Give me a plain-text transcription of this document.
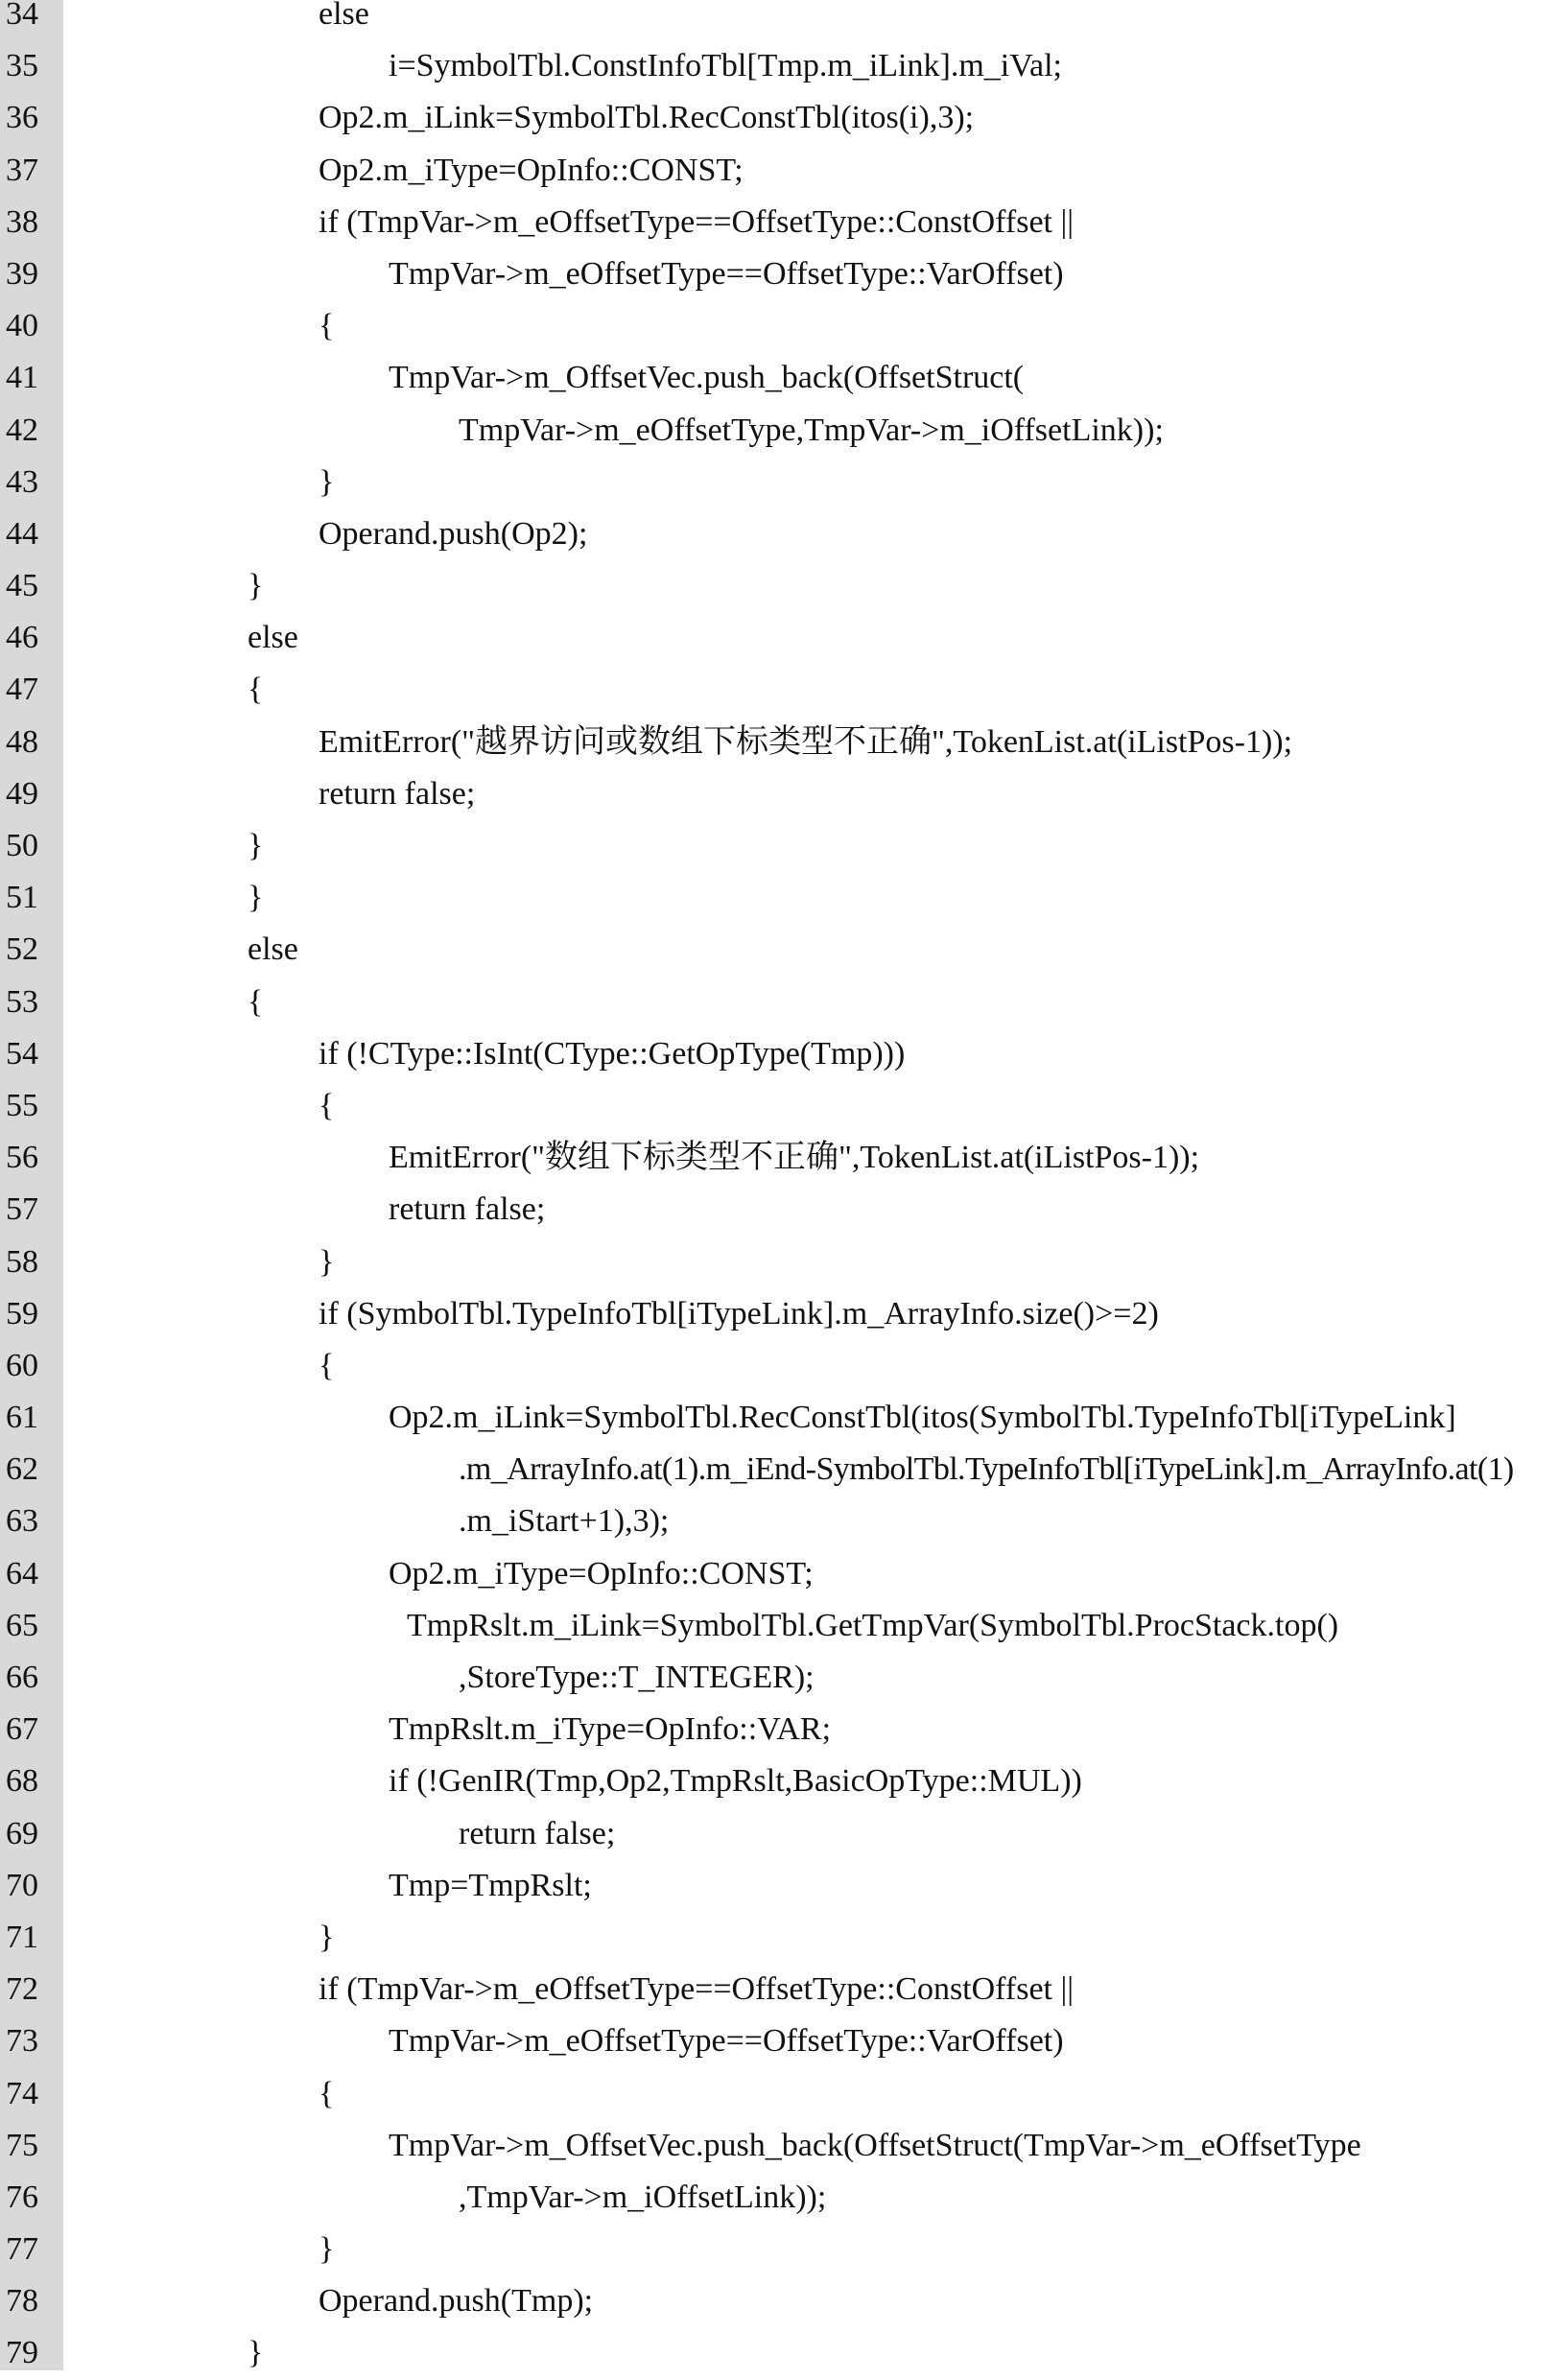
34	else
35	i=SymbolTbl.ConstInfoTbl[Tmp.m_iLink].m_iVal;
36	Op2.m_iLink=SymbolTbl.RecConstTbl(itos(i),3);
37	Op2.m_iType=OpInfo::CONST;
38	if (TmpVar->m_eOffsetType==OffsetType::ConstOffset ||
39	TmpVar->m_eOffsetType==OffsetType::VarOffset)
40	{
41	TmpVar->m_OffsetVec.push_back(OffsetStruct(
42	TmpVar->m_eOffsetType,TmpVar->m_iOffsetLink));
43	}
44	Operand.push(Op2);
45	}
46	else
47	{
48	EmitError("越界访问或数组下标类型不正确",TokenList.at(iListPos-1));
49	return false;
50	}
51	}
52	else
53	{
54	if (!CType::IsInt(CType::GetOpType(Tmp)))
55	{
56	EmitError("数组下标类型不正确",TokenList.at(iListPos-1));
57	return false;
58	}
59	if (SymbolTbl.TypeInfoTbl[iTypeLink].m_ArrayInfo.size()>=2)
60	{
61	Op2.m_iLink=SymbolTbl.RecConstTbl(itos(SymbolTbl.TypeInfoTbl[iTypeLink]
62	.m_ArrayInfo.at(1).m_iEnd-SymbolTbl.TypeInfoTbl[iTypeLink].m_ArrayInfo.at(1)
63	.m_iStart+1),3);
64	Op2.m_iType=OpInfo::CONST;
65	TmpRslt.m_iLink=SymbolTbl.GetTmpVar(SymbolTbl.ProcStack.top()
66	,StoreType::T_INTEGER);
67	TmpRslt.m_iType=OpInfo::VAR;
68	if (!GenIR(Tmp,Op2,TmpRslt,BasicOpType::MUL))
69	return false;
70	Tmp=TmpRslt;
71	}
72	if (TmpVar->m_eOffsetType==OffsetType::ConstOffset ||
73	TmpVar->m_eOffsetType==OffsetType::VarOffset)
74	{
75	TmpVar->m_OffsetVec.push_back(OffsetStruct(TmpVar->m_eOffsetType
76	,TmpVar->m_iOffsetLink));
77	}
78	Operand.push(Tmp);
79	}
